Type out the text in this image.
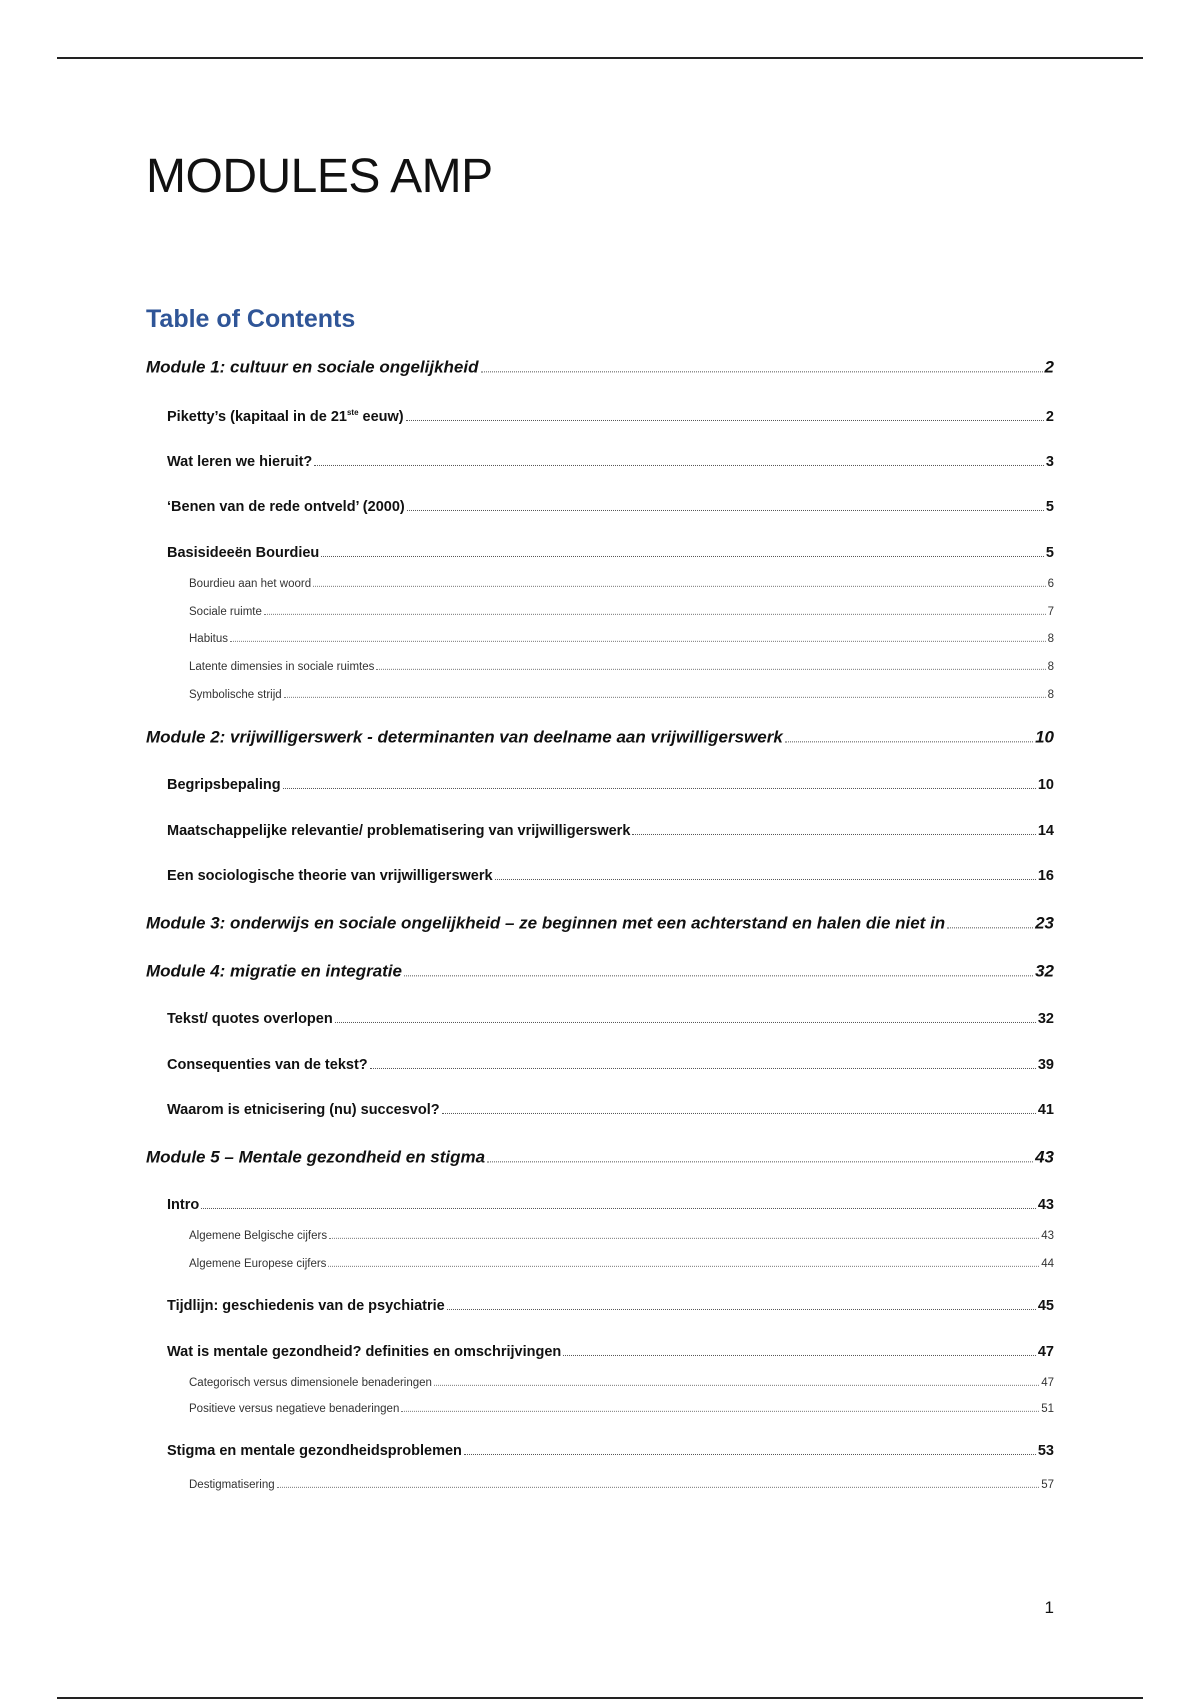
MODULES AMP
Table of Contents
Module 1: cultuur en sociale ongelijkheid	2
Piketty’s (kapitaal in de 21ste eeuw)	2
Wat leren we hieruit?	3
‘Benen van de rede ontveld’ (2000)	5
Basisideeën Bourdieu	5
Bourdieu aan het woord	6
Sociale ruimte	7
Habitus	8
Latente dimensies in sociale ruimtes	8
Symbolische strijd	8
Module 2: vrijwilligerswerk - determinanten van deelname aan vrijwilligerswerk	10
Begripsbepaling	10
Maatschappelijke relevantie/ problematisering van vrijwilligerswerk	14
Een sociologische theorie van vrijwilligerswerk	16
Module 3: onderwijs en sociale ongelijkheid – ze beginnen met een achterstand en halen die niet in	23
Module 4: migratie en integratie	32
Tekst/ quotes overlopen	32
Consequenties van de tekst?	39
Waarom is etnicisering (nu) succesvol?	41
Module 5 – Mentale gezondheid en stigma	43
Intro	43
Algemene Belgische cijfers	43
Algemene Europese cijfers	44
Tijdlijn: geschiedenis van de psychiatrie	45
Wat is mentale gezondheid? definities en omschrijvingen	47
Categorisch versus dimensionele benaderingen	47
Positieve versus negatieve benaderingen	51
Stigma en mentale gezondheidsproblemen	53
Destigmatisering	57
1
